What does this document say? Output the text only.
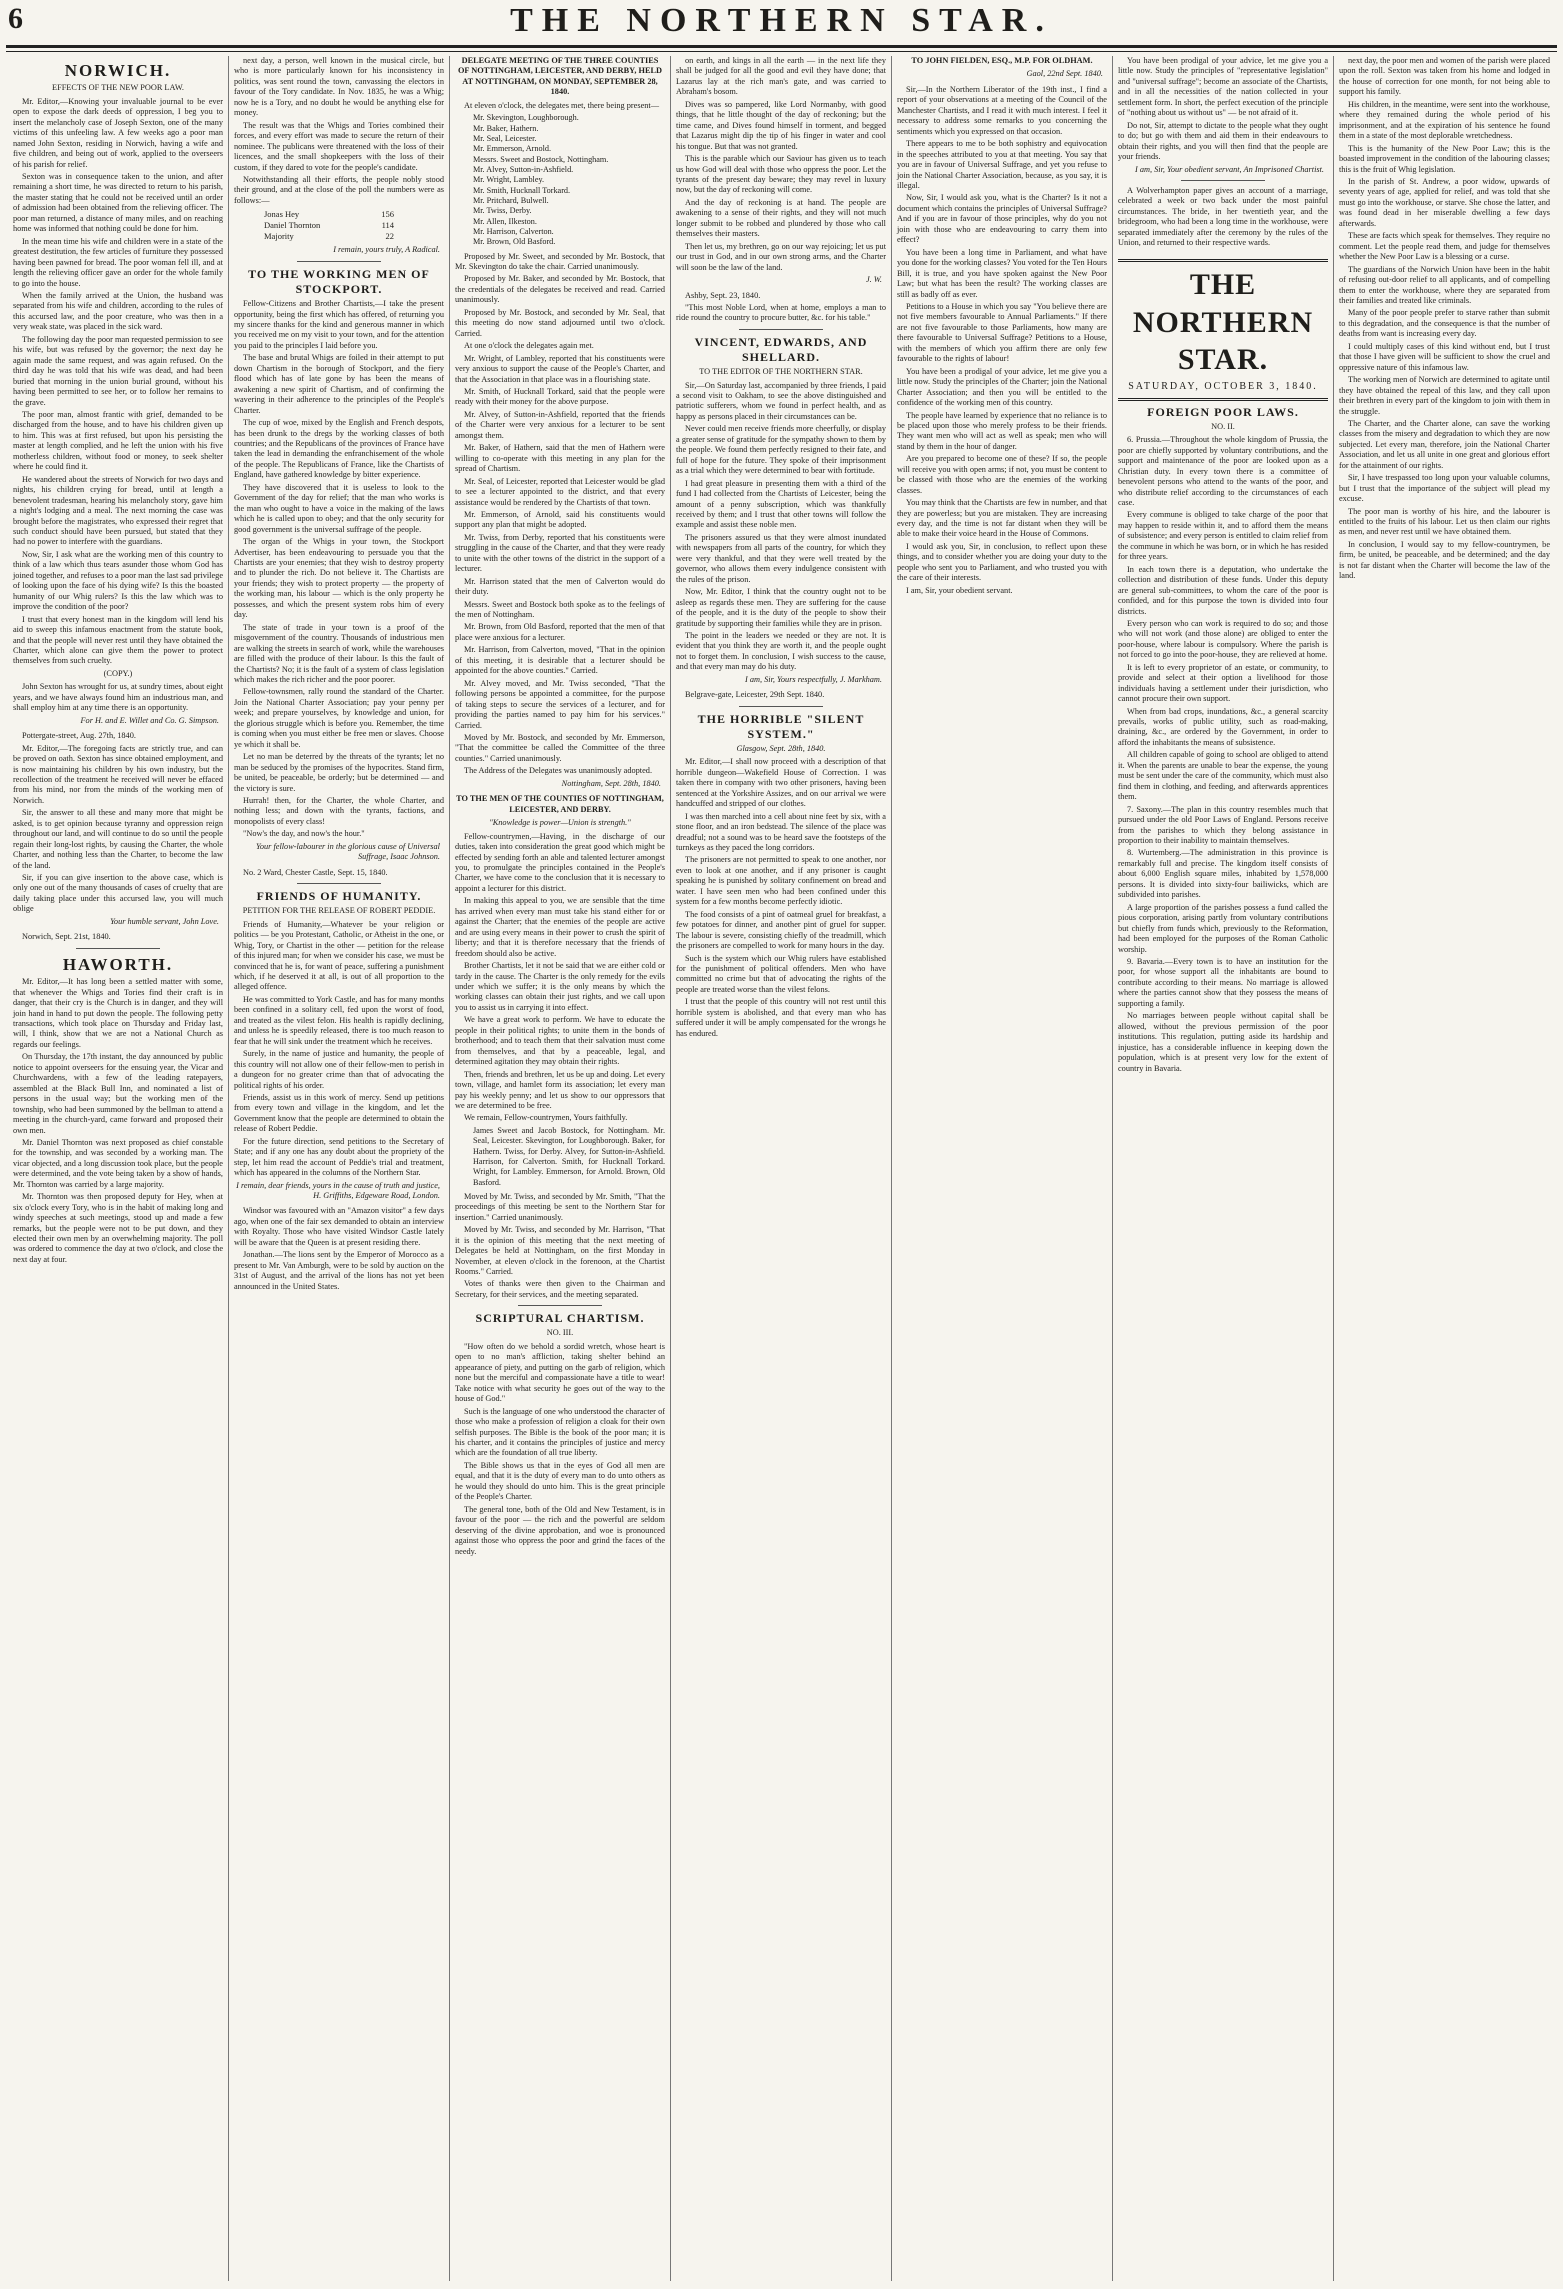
6	THE NORTHERN STAR.
NORWICH.
EFFECTS OF THE NEW POOR LAW.

Mr. Editor,—Knowing your invaluable journal to be ever open to expose the dark deeds of oppression, I beg you to insert the melancholy case of Joseph Sexton, one of the many victims of this unfeeling law. A few weeks ago a poor man named John Sexton, residing in Norwich, having a wife and five children, and being out of work, applied to the overseers of his parish for relief.

Sexton was in consequence taken to the union, and after remaining a short time, he was directed to return to his parish, the master stating that he could not be received until an order of admission had been obtained from the relieving officer. The poor man returned, a distance of many miles, and on reaching home was informed that nothing could be done for him.

In the mean time his wife and children were in a state of the greatest destitution, the few articles of furniture they possessed having been pawned for bread. The poor woman fell ill, and at length the relieving officer gave an order for the whole family to go into the house.

When the family arrived at the Union, the husband was separated from his wife and children, according to the rules of this accursed law, and the poor creature, who was then in a very weak state, was placed in the sick ward.

The following day the poor man requested permission to see his wife, but was refused by the governor; the next day he again made the same request, and was again refused. On the third day he was told that his wife was dead, and had been buried that morning in the union burial ground, without his having been permitted to see her, or to follow her remains to the grave.

The poor man, almost frantic with grief, demanded to be discharged from the house, and to have his children given up to him. This was at first refused, but upon his persisting the master at length complied, and he left the union with his five motherless children, without food or money, to seek shelter where he could find it.

He wandered about the streets of Norwich for two days and nights, his children crying for bread, until at length a benevolent tradesman, hearing his melancholy story, gave him a night's lodging and a meal. The next morning the case was brought before the magistrates, who expressed their regret that such conduct should have been pursued, but stated that they had no power to interfere with the guardians.

Now, Sir, I ask what are the working men of this country to think of a law which thus tears asunder those whom God has joined together, and refuses to a poor man the last sad privilege of looking upon the face of his dying wife? Is this the boasted humanity of our Whig rulers? Is this the law which was to improve the condition of the poor?

I trust that every honest man in the kingdom will lend his aid to sweep this infamous enactment from the statute book, and that the people will never rest until they have obtained the Charter, which alone can give them the power to protect themselves from such cruelty.

(COPY.)

John Sexton has wrought for us, at sundry times, about eight years, and we have always found him an industrious man, and shall employ him at any time there is an opportunity.

For H. and E. Willet and Co. G. Simpson.

Pottergate-street, Aug. 27th, 1840.

Mr. Editor,—The foregoing facts are strictly true, and can be proved on oath. Sexton has since obtained employment, and is now maintaining his children by his own industry, but the recollection of the treatment he received will never be effaced from his mind, nor from the minds of the working men of Norwich.

Sir, the answer to all these and many more that might be asked, is to get opinion because tyranny and oppression reign throughout our land, and will continue to do so until the people regain their long-lost rights, by causing the Charter, the whole Charter, and nothing less than the Charter, to become the law of the land.

Sir, if you can give insertion to the above case, which is only one out of the many thousands of cases of cruelty that are daily taking place under this accursed law, you will much oblige

Your humble servant, John Love.

Norwich, Sept. 21st, 1840.

HAWORTH.

Mr. Editor,—It has long been a settled matter with some, that whenever the Whigs and Tories find their craft is in danger, that their cry is the Church is in danger, and they will join hand in hand to put down the people. The following petty transactions, which took place on Thursday and Friday last, will, I think, show that we are not a National Church as regards our feelings.

On Thursday, the 17th instant, the day announced by public notice to appoint overseers for the ensuing year, the Vicar and Churchwardens, with a few of the leading ratepayers, assembled at the Black Bull Inn, and nominated a list of persons in the usual way; but the working men of the township, who had been summoned by the bellman to attend a meeting in the church-yard, came forward and proposed their own men.

Mr. Daniel Thornton was next proposed as chief constable for the township, and was seconded by a working man. The vicar objected, and a long discussion took place, but the people were determined, and the vote being taken by a show of hands, Mr. Thornton was carried by a large majority.

Mr. Thornton was then proposed deputy for Hey, when at six o'clock every Tory, who is in the habit of making long and windy speeches at such meetings, stood up and made a few remarks, but the people were not to be put down, and they elected their own men by an overwhelming majority. The poll was ordered to commence the day at two o'clock, and close the next day at four.

next day, a person, well known in the musical circle, but who is more particularly known for his inconsistency in politics, was sent round the town, canvassing the electors in favour of the Tory candidate. In Nov. 1835, he was a Whig; now he is a Tory, and no doubt he would be anything else for money.

The result was that the Whigs and Tories combined their forces, and every effort was made to secure the return of their nominee. The publicans were threatened with the loss of their licences, and the small shopkeepers with the loss of their custom, if they dared to vote for the people's candidate.

Notwithstanding all their efforts, the people nobly stood their ground, and at the close of the poll the numbers were as follows:—

Jonas Hey	156
Daniel Thornton	114
Majority	22
I remain, yours truly, A Radical.
TO THE WORKING MEN OF STOCKPORT.

Fellow-Citizens and Brother Chartists,—I take the present opportunity, being the first which has offered, of returning you my sincere thanks for the kind and generous manner in which you received me on my visit to your town, and for the attention you paid to the principles I laid before you.

The base and brutal Whigs are foiled in their attempt to put down Chartism in the borough of Stockport, and the fiery flood which has of late gone by has been the means of awakening a new spirit of Chartism, and of confirming the wavering in their adherence to the principles of the People's Charter.

The cup of woe, mixed by the English and French despots, has been drunk to the dregs by the working classes of both countries; and the Republicans of the provinces of France have taken the lead in demanding the enfranchisement of the whole of the people. The Republicans of France, like the Chartists of England, have gathered knowledge by bitter experience.

They have discovered that it is useless to look to the Government of the day for relief; that the man who works is the man who ought to have a voice in the making of the laws which he is called upon to obey; and that the only security for good government is the universal suffrage of the people.

The organ of the Whigs in your town, the Stockport Advertiser, has been endeavouring to persuade you that the Chartists are your enemies; that they wish to destroy property and to plunder the rich. Do not believe it. The Chartists are your friends; they wish to protect property — the property of the working man, his labour — which is the only property he possesses, and which the present system robs him of every day.

The state of trade in your town is a proof of the misgovernment of the country. Thousands of industrious men are walking the streets in search of work, while the warehouses are filled with the produce of their labour. Is this the fault of the Chartists? No; it is the fault of a system of class legislation which makes the rich richer and the poor poorer.

Fellow-townsmen, rally round the standard of the Charter. Join the National Charter Association; pay your penny per week; and prepare yourselves, by knowledge and union, for the glorious struggle which is before you. Remember, the time is coming when you must either be free men or slaves. Choose ye which it shall be.

Let no man be deterred by the threats of the tyrants; let no man be seduced by the promises of the hypocrites. Stand firm, be united, be peaceable, be orderly; but be determined — and the victory is sure.

Hurrah! then, for the Charter, the whole Charter, and nothing less; and down with the tyrants, factions, and monopolists of every class!

"Now's the day, and now's the hour."

Your fellow-labourer in the glorious cause of Universal Suffrage, Isaac Johnson.

No. 2 Ward, Chester Castle, Sept. 15, 1840.

FRIENDS OF HUMANITY.
PETITION FOR THE RELEASE OF ROBERT PEDDIE.

Friends of Humanity,—Whatever be your religion or politics — be you Protestant, Catholic, or Atheist in the one, or Whig, Tory, or Chartist in the other — petition for the release of this injured man; for when we consider his case, we must be convinced that he is, for want of peace, suffering a punishment which, if he deserved it at all, is out of all proportion to the alleged offence.

He was committed to York Castle, and has for many months been confined in a solitary cell, fed upon the worst of food, and treated as the vilest felon. His health is rapidly declining, and unless he is speedily released, there is too much reason to fear that he will sink under the treatment which he receives.

Surely, in the name of justice and humanity, the people of this country will not allow one of their fellow-men to perish in a dungeon for no greater crime than that of advocating the political rights of his order.

Friends, assist us in this work of mercy. Send up petitions from every town and village in the kingdom, and let the Government know that the people are determined to obtain the release of Robert Peddie.

For the future direction, send petitions to the Secretary of State; and if any one has any doubt about the propriety of the step, let him read the account of Peddie's trial and treatment, which has appeared in the columns of the Northern Star.

I remain, dear friends, yours in the cause of truth and justice, H. Griffiths, Edgeware Road, London.

Windsor was favoured with an "Amazon visitor" a few days ago, when one of the fair sex demanded to obtain an interview with Royalty. Those who have visited Windsor Castle lately will be aware that the Queen is at present residing there.

Jonathan.—The lions sent by the Emperor of Morocco as a present to Mr. Van Amburgh, were to be sold by auction on the 31st of August, and the arrival of the lions has not yet been announced in the United States.

DELEGATE MEETING OF THE THREE COUNTIES OF NOTTINGHAM, LEICESTER, AND DERBY, HELD AT NOTTINGHAM, ON MONDAY, SEPTEMBER 28, 1840.

At eleven o'clock, the delegates met, there being present—

Mr. Skevington, Loughborough.
Mr. Baker, Hathern.
Mr. Seal, Leicester.
Mr. Emmerson, Arnold.
Messrs. Sweet and Bostock, Nottingham.
Mr. Alvey, Sutton-in-Ashfield.
Mr. Wright, Lambley.
Mr. Smith, Hucknall Torkard.
Mr. Pritchard, Bulwell.
Mr. Twiss, Derby.
Mr. Allen, Ilkeston.
Mr. Harrison, Calverton.
Mr. Brown, Old Basford.

Proposed by Mr. Sweet, and seconded by Mr. Bostock, that Mr. Skevington do take the chair. Carried unanimously.

Proposed by Mr. Baker, and seconded by Mr. Bostock, that the credentials of the delegates be received and read. Carried unanimously.

Proposed by Mr. Bostock, and seconded by Mr. Seal, that this meeting do now stand adjourned until two o'clock. Carried.

At one o'clock the delegates again met.

Mr. Wright, of Lambley, reported that his constituents were very anxious to support the cause of the People's Charter, and that the Association in that place was in a flourishing state.

Mr. Smith, of Hucknall Torkard, said that the people were ready with their money for the above purpose.

Mr. Alvey, of Sutton-in-Ashfield, reported that the friends of the Charter were very anxious for a lecturer to be sent amongst them.

Mr. Baker, of Hathern, said that the men of Hathern were willing to co-operate with this meeting in any plan for the spread of Chartism.

Mr. Seal, of Leicester, reported that Leicester would be glad to see a lecturer appointed to the district, and that every assistance would be rendered by the Chartists of that town.

Mr. Emmerson, of Arnold, said his constituents would support any plan that might be adopted.

Mr. Twiss, from Derby, reported that his constituents were struggling in the cause of the Charter, and that they were ready to unite with the other towns of the district in the support of a lecturer.

Mr. Harrison stated that the men of Calverton would do their duty.

Messrs. Sweet and Bostock both spoke as to the feelings of the men of Nottingham.

Mr. Brown, from Old Basford, reported that the men of that place were anxious for a lecturer.

Mr. Harrison, from Calverton, moved, "That in the opinion of this meeting, it is desirable that a lecturer should be appointed for the above counties." Carried.

Mr. Alvey moved, and Mr. Twiss seconded, "That the following persons be appointed a committee, for the purpose of taking steps to secure the services of a lecturer, and for providing the parties named to pay him for his services." Carried.

Moved by Mr. Bostock, and seconded by Mr. Emmerson, "That the committee be called the Committee of the three counties." Carried unanimously.

The Address of the Delegates was unanimously adopted.

Nottingham, Sept. 28th, 1840.
TO THE MEN OF THE COUNTIES OF NOTTINGHAM, LEICESTER, AND DERBY.
"Knowledge is power—Union is strength."

Fellow-countrymen,—Having, in the discharge of our duties, taken into consideration the great good which might be effected by sending forth an able and talented lecturer amongst you, to promulgate the principles contained in the People's Charter, we have come to the conclusion that it is necessary to appoint a lecturer for this district.

In making this appeal to you, we are sensible that the time has arrived when every man must take his stand either for or against the Charter; that the enemies of the people are active and are using every means in their power to crush the spirit of liberty; and that it is therefore necessary that the friends of freedom should also be active.

Brother Chartists, let it not be said that we are either cold or tardy in the cause. The Charter is the only remedy for the evils under which we suffer; it is the only means by which the working classes can obtain their just rights, and we call upon you to assist us in carrying it into effect.

We have a great work to perform. We have to educate the people in their political rights; to unite them in the bonds of brotherhood; and to teach them that their salvation must come from themselves, and that by a peaceable, legal, and determined agitation they may obtain their rights.

Then, friends and brethren, let us be up and doing. Let every town, village, and hamlet form its association; let every man pay his weekly penny; and let us show to our oppressors that we are determined to be free.

We remain, Fellow-countrymen, Yours faithfully.

James Sweet and Jacob Bostock, for Nottingham. Mr. Seal, Leicester. Skevington, for Loughborough. Baker, for Hathern. Twiss, for Derby. Alvey, for Sutton-in-Ashfield. Harrison, for Calverton. Smith, for Hucknall Torkard. Wright, for Lambley. Emmerson, for Arnold. Brown, Old Basford.

Moved by Mr. Twiss, and seconded by Mr. Smith, "That the proceedings of this meeting be sent to the Northern Star for insertion." Carried unanimously.

Moved by Mr. Twiss, and seconded by Mr. Harrison, "That it is the opinion of this meeting that the next meeting of Delegates be held at Nottingham, on the first Monday in November, at eleven o'clock in the forenoon, at the Chartist Rooms." Carried.

Votes of thanks were then given to the Chairman and Secretary, for their services, and the meeting separated.

SCRIPTURAL CHARTISM.
NO. III.

"How often do we behold a sordid wretch, whose heart is open to no man's affliction, taking shelter behind an appearance of piety, and putting on the garb of religion, which none but the merciful and compassionate have a title to wear! Take notice with what security he goes out of the way to the house of God."

Such is the language of one who understood the character of those who make a profession of religion a cloak for their own selfish purposes. The Bible is the book of the poor man; it is his charter, and it contains the principles of justice and mercy which are the foundation of all true liberty.

The Bible shows us that in the eyes of God all men are equal, and that it is the duty of every man to do unto others as he would they should do unto him. This is the great principle of the People's Charter.

The general tone, both of the Old and New Testament, is in favour of the poor — the rich and the powerful are seldom deserving of the divine approbation, and woe is pronounced against those who oppress the poor and grind the faces of the needy.

on earth, and kings in all the earth — in the next life they shall be judged for all the good and evil they have done; that Lazarus lay at the rich man's gate, and was carried to Abraham's bosom.

Dives was so pampered, like Lord Normanby, with good things, that he little thought of the day of reckoning; but the time came, and Dives found himself in torment, and begged that Lazarus might dip the tip of his finger in water and cool his tongue. But that was not granted.

This is the parable which our Saviour has given us to teach us how God will deal with those who oppress the poor. Let the tyrants of the present day beware; they may revel in luxury now, but the day of reckoning will come.

And the day of reckoning is at hand. The people are awakening to a sense of their rights, and they will not much longer submit to be robbed and plundered by those who call themselves their masters.

Then let us, my brethren, go on our way rejoicing; let us put our trust in God, and in our own strong arms, and the Charter will soon be the law of the land.

J. W.

Ashby, Sept. 23, 1840.

"This most Noble Lord, when at home, employs a man to ride round the country to procure butter, &c. for his table."

VINCENT, EDWARDS, AND SHELLARD.
TO THE EDITOR OF THE NORTHERN STAR.

Sir,—On Saturday last, accompanied by three friends, I paid a second visit to Oakham, to see the above distinguished and patriotic sufferers, whom we found in perfect health, and as happy as persons placed in their circumstances can be.

Never could men receive friends more cheerfully, or display a greater sense of gratitude for the sympathy shown to them by the people. We found them perfectly resigned to their fate, and full of hope for the future. They spoke of their imprisonment as a trial which they were determined to bear with fortitude.

I had great pleasure in presenting them with a third of the fund I had collected from the Chartists of Leicester, being the amount of a penny subscription, which was thankfully received by them; and I trust that other towns will follow the example and assist these noble men.

The prisoners assured us that they were almost inundated with newspapers from all parts of the country, for which they were very thankful, and that they were well treated by the governor, who allows them every indulgence consistent with the rules of the prison.

Now, Mr. Editor, I think that the country ought not to be asleep as regards these men. They are suffering for the cause of the people, and it is the duty of the people to show their gratitude by supporting their families while they are in prison.

The point in the leaders we needed or they are not. It is evident that you think they are worth it, and the people ought not to forget them. In conclusion, I wish success to the cause, and that every man may do his duty.

I am, Sir, Yours respectfully, J. Markham.

Belgrave-gate, Leicester, 29th Sept. 1840.

THE HORRIBLE "SILENT SYSTEM."
Glasgow, Sept. 28th, 1840.

Mr. Editor,—I shall now proceed with a description of that horrible dungeon—Wakefield House of Correction. I was taken there in company with two other prisoners, having been sentenced at the Yorkshire Assizes, and on our arrival we were handcuffed and stripped of our clothes.

I was then marched into a cell about nine feet by six, with a stone floor, and an iron bedstead. The silence of the place was dreadful; not a sound was to be heard save the footsteps of the turnkeys as they paced the long corridors.

The prisoners are not permitted to speak to one another, nor even to look at one another, and if any prisoner is caught speaking he is punished by solitary confinement on bread and water. I have seen men who had been confined under this system for a few months become perfectly idiotic.

The food consists of a pint of oatmeal gruel for breakfast, a few potatoes for dinner, and another pint of gruel for supper. The labour is severe, consisting chiefly of the treadmill, which the prisoners are compelled to work for many hours in the day.

Such is the system which our Whig rulers have established for the punishment of political offenders. Men who have committed no crime but that of advocating the rights of the people are treated worse than the vilest felons.

I trust that the people of this country will not rest until this horrible system is abolished, and that every man who has suffered under it will be amply compensated for the wrongs he has endured.

TO JOHN FIELDEN, ESQ., M.P. FOR OLDHAM.
Gaol, 22nd Sept. 1840.

Sir,—In the Northern Liberator of the 19th inst., I find a report of your observations at a meeting of the Council of the Manchester Chartists, and I read it with much interest. I feel it necessary to address some remarks to you concerning the sentiments which you expressed on that occasion.

There appears to me to be both sophistry and equivocation in the speeches attributed to you at that meeting. You say that you are in favour of Universal Suffrage, and yet you refuse to join the National Charter Association, because, as you say, it is illegal.

Now, Sir, I would ask you, what is the Charter? Is it not a document which contains the principles of Universal Suffrage? And if you are in favour of those principles, why do you not join with those who are endeavouring to carry them into effect?

You have been a long time in Parliament, and what have you done for the working classes? You voted for the Ten Hours Bill, it is true, and you have spoken against the New Poor Law; but what has been the result? The working classes are still as badly off as ever.

Petitions to a House in which you say "You believe there are not five members favourable to Annual Parliaments." If there are not five favourable to those Parliaments, how many are there favourable to Universal Suffrage? Petitions to a House, with the members of which you affirm there are only few favourable to the rights of labour!

You have been a prodigal of your advice, let me give you a little now. Study the principles of the Charter; join the National Charter Association; and then you will be entitled to the confidence of the working men of this country.

The people have learned by experience that no reliance is to be placed upon those who merely profess to be their friends. They want men who will act as well as speak; men who will stand by them in the hour of danger.

Are you prepared to become one of these? If so, the people will receive you with open arms; if not, you must be content to be classed with those who are the enemies of the working classes.

You may think that the Chartists are few in number, and that they are powerless; but you are mistaken. They are increasing every day, and the time is not far distant when they will be able to make their voice heard in the House of Commons.

I would ask you, Sir, in conclusion, to reflect upon these things, and to consider whether you are doing your duty to the people who sent you to Parliament, and who trusted you with the care of their interests.

I am, Sir, your obedient servant.

You have been prodigal of your advice, let me give you a little now. Study the principles of "representative legislation" and "universal suffrage"; become an associate of the Chartists, and in all the necessities of the nation collected in your settlement form. In short, the perfect execution of the principle of "nothing about us without us" — be not afraid of it.

Do not, Sir, attempt to dictate to the people what they ought to do; but go with them and aid them in their endeavours to obtain their rights, and you will then find that the people are your friends.

I am, Sir, Your obedient servant, An Imprisoned Chartist.

A Wolverhampton paper gives an account of a marriage, celebrated a week or two back under the most painful circumstances. The bride, in her twentieth year, and the bridegroom, who had been a long time in the workhouse, were separated immediately after the ceremony by the rules of the Union, and returned to their respective wards.

THE NORTHERN STAR.
SATURDAY, OCTOBER 3, 1840.
FOREIGN POOR LAWS.
NO. II.

6. Prussia.—Throughout the whole kingdom of Prussia, the poor are chiefly supported by voluntary contributions, and the support and maintenance of the poor are looked upon as a Christian duty. In every town there is a committee of benevolent persons who attend to the wants of the poor, and who distribute relief according to the circumstances of each case.

Every commune is obliged to take charge of the poor that may happen to reside within it, and to afford them the means of subsistence; and every person is entitled to claim relief from the commune in which he was born, or in which he has resided for three years.

In each town there is a deputation, who undertake the collection and distribution of these funds. Under this deputy are general sub-committees, to whom the care of the poor is confided, and for this purpose the town is divided into four districts.

Every person who can work is required to do so; and those who will not work (and those alone) are obliged to enter the poor-house, where labour is compulsory. Where the parish is not forced to go into the poor-house, they are relieved at home.

It is left to every proprietor of an estate, or community, to provide and select at their option a livelihood for those individuals having a settlement under their jurisdiction, who cannot procure their own support.

When from bad crops, inundations, &c., a general scarcity prevails, works of public utility, such as road-making, draining, &c., are ordered by the Government, in order to afford the inhabitants the means of subsistence.

All children capable of going to school are obliged to attend it. When the parents are unable to bear the expense, the young must be sent under the care of the community, which must also find them in clothing, and feeding, and afterwards apprentices them.

7. Saxony.—The plan in this country resembles much that pursued under the old Poor Laws of England. Persons receive from the parishes to which they belong assistance in proportion to their inability to maintain themselves.

8. Wurtemberg.—The administration in this province is remarkably full and precise. The kingdom itself consists of about 6,000 English square miles, inhabited by 1,578,000 persons. It is divided into sixty-four bailiwicks, which are subdivided into parishes.

A large proportion of the parishes possess a fund called the pious corporation, arising partly from voluntary contributions but chiefly from funds which, previously to the Reformation, had been employed for the purposes of the Roman Catholic worship.

9. Bavaria.—Every town is to have an institution for the poor, for whose support all the inhabitants are bound to contribute according to their means. No marriage is allowed where the parties cannot show that they possess the means of supporting a family.

No marriages between people without capital shall be allowed, without the previous permission of the poor institutions. This regulation, putting aside its hardship and injustice, has a considerable influence in keeping down the population, which is at present very low for the extent of country in Bavaria.

next day, the poor men and women of the parish were placed upon the roll. Sexton was taken from his home and lodged in the house of correction for one month, for not being able to support his family.

His children, in the meantime, were sent into the workhouse, where they remained during the whole period of his imprisonment, and at the expiration of his sentence he found them in a state of the most deplorable wretchedness.

This is the humanity of the New Poor Law; this is the boasted improvement in the condition of the labouring classes; this is the fruit of Whig legislation.

In the parish of St. Andrew, a poor widow, upwards of seventy years of age, applied for relief, and was told that she must go into the workhouse, or starve. She chose the latter, and was found dead in her miserable dwelling a few days afterwards.

These are facts which speak for themselves. They require no comment. Let the people read them, and judge for themselves whether the New Poor Law is a blessing or a curse.

The guardians of the Norwich Union have been in the habit of refusing out-door relief to all applicants, and of compelling them to enter the workhouse, where they are separated from their families and treated like criminals.

Many of the poor people prefer to starve rather than submit to this degradation, and the consequence is that the number of deaths from want is increasing every day.

I could multiply cases of this kind without end, but I trust that those I have given will be sufficient to show the cruel and oppressive nature of this infamous law.

The working men of Norwich are determined to agitate until they have obtained the repeal of this law, and they call upon their brethren in every part of the kingdom to join with them in the struggle.

The Charter, and the Charter alone, can save the working classes from the misery and degradation to which they are now subjected. Let every man, therefore, join the National Charter Association, and let us all unite in one great and glorious effort for the attainment of our rights.

Sir, I have trespassed too long upon your valuable columns, but I trust that the importance of the subject will plead my excuse.

The poor man is worthy of his hire, and the labourer is entitled to the fruits of his labour. Let us then claim our rights as men, and never rest until we have obtained them.

In conclusion, I would say to my fellow-countrymen, be firm, be united, be peaceable, and be determined; and the day is not far distant when the Charter will become the law of the land.
